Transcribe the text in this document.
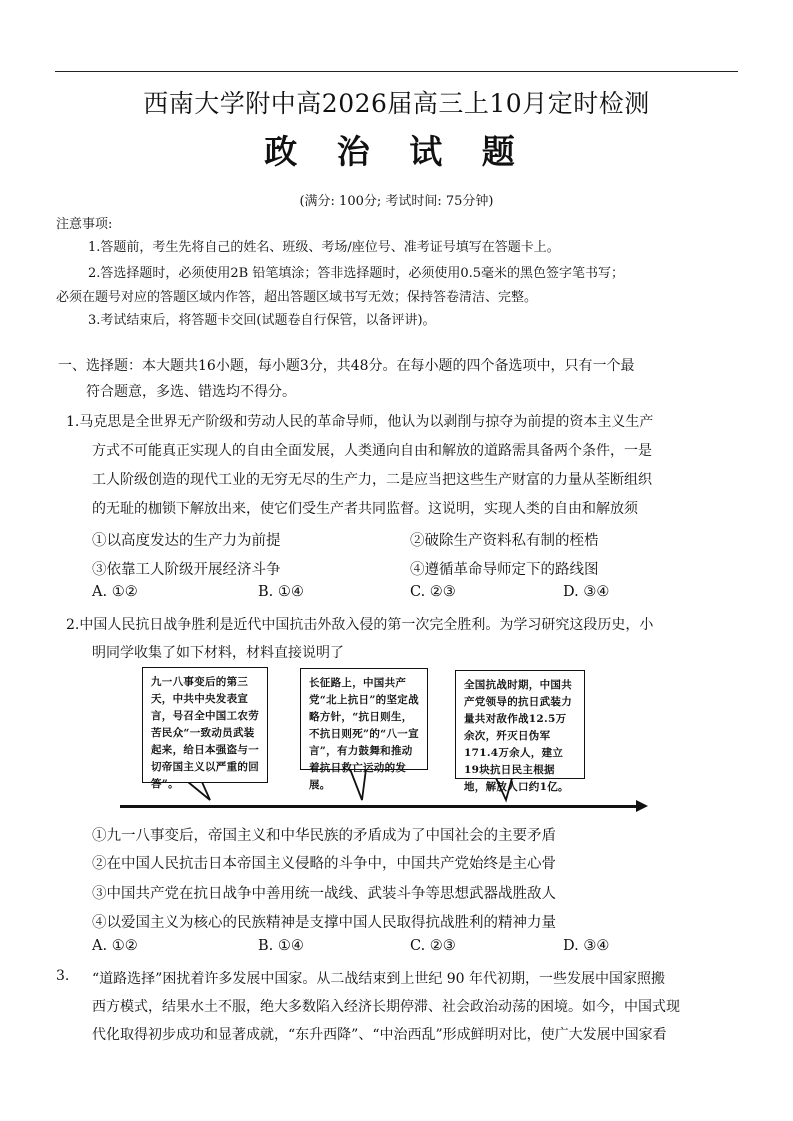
西南大学附中高2026届高三上10月定时检测
政 治 试 题
(满分: 100分; 考试时间: 75分钟)
注意事项:
1.答题前，考生先将自己的姓名、班级、考场/座位号、准考证号填写在答题卡上。
2.答选择题时，必须使用2B 铅笔填涂；答非选择题时，必须使用0.5毫米的黑色签字笔书写；
必须在题号对应的答题区域内作答，超出答题区域书写无效；保持答卷清洁、完整。
3.考试结束后，将答题卡交回(试题卷自行保管，以备评讲)。
一、选择题：本大题共16小题，每小题3分，共48分。在每小题的四个备选项中，只有一个最
符合题意，多选、错选均不得分。
1.马克思是全世界无产阶级和劳动人民的革命导师，他认为以剥削与掠夺为前提的资本主义生产
方式不可能真正实现人的自由全面发展，人类通向自由和解放的道路需具备两个条件，一是
工人阶级创造的现代工业的无穷无尽的生产力，二是应当把这些生产财富的力量从荃断组织
的无耻的枷锁下解放出来，使它们受生产者共同监督。这说明，实现人类的自由和解放须
①以高度发达的生产力为前提	②破除生产资料私有制的桎梏
③依靠工人阶级开展经济斗争	④遵循革命导师定下的路线图
A. ①②	B. ①④	C. ②③	D. ③④
2.中国人民抗日战争胜利是近代中国抗击外敌入侵的第一次完全胜利。为学习研究这段历史，小
明同学收集了如下材料，材料直接说明了
九一八事变后的第三天，中共中央发表宣言，号召全中国工农劳苦民众“一致动员武装起来，给日本强盗与一切帝国主义以严重的回答”。
长征路上，中国共产党“北上抗日”的坚定战略方针，“抗日则生，不抗日则死”的“八一宣言”，有力鼓舞和推动着抗日救亡运动的发展。
全国抗战时期，中国共产党领导的抗日武装力量共对敌作战12.5万余次，歼灭日伪军171.4万余人，建立19块抗日民主根据地，解放人口约1亿。
①九一八事变后，帝国主义和中华民族的矛盾成为了中国社会的主要矛盾
②在中国人民抗击日本帝国主义侵略的斗争中，中国共产党始终是主心骨
③中国共产党在抗日战争中善用统一战线、武装斗争等思想武器战胜敌人
④以爱国主义为核心的民族精神是支撑中国人民取得抗战胜利的精神力量
A. ①②	B. ①④	C. ②③	D. ③④
3. “道路选择”困扰着许多发展中国家。从二战结束到上世纪 90 年代初期，一些发展中国家照搬
西方模式，结果水土不服，绝大多数陷入经济长期停滞、社会政治动荡的困境。如今，中国式现
代化取得初步成功和显著成就，“东升西降”、“中治西乱”形成鲜明对比，使广大发展中国家看
